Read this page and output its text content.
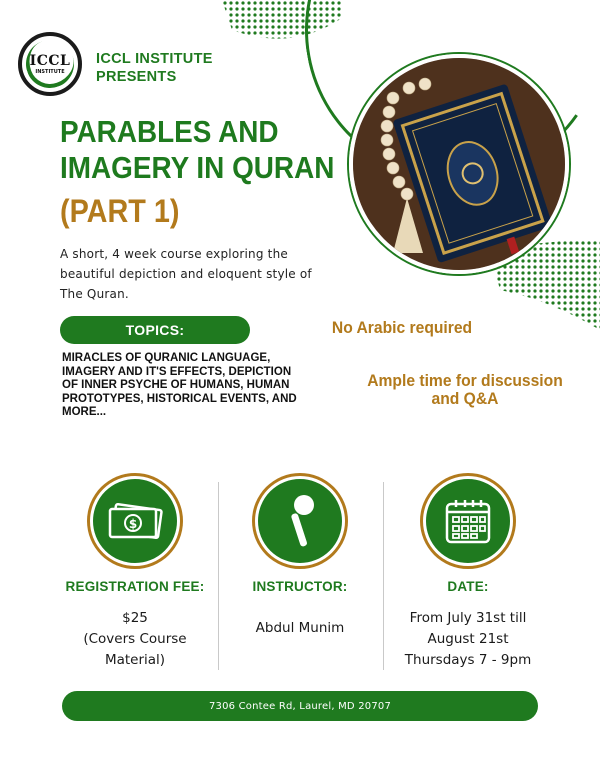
ICCL
INSTITUTE
ICCL INSTITUTE PRESENTS
PARABLES AND IMAGERY IN QURAN
(PART 1)
A short, 4 week course exploring the beautiful depiction and eloquent style of The Quran.
TOPICS:
MIRACLES OF QURANIC LANGUAGE, IMAGERY AND IT'S EFFECTS, DEPICTION OF INNER PSYCHE OF HUMANS, HUMAN PROTOTYPES, HISTORICAL EVENTS, AND MORE...
No Arabic required
Ample time for discussion and Q&A
$
REGISTRATION FEE:
$25
(Covers Course
Material)
INSTRUCTOR:
Abdul Munim
DATE:
From July 31st till
August 21st
Thursdays 7 - 9pm
7306 Contee Rd, Laurel, MD 20707
